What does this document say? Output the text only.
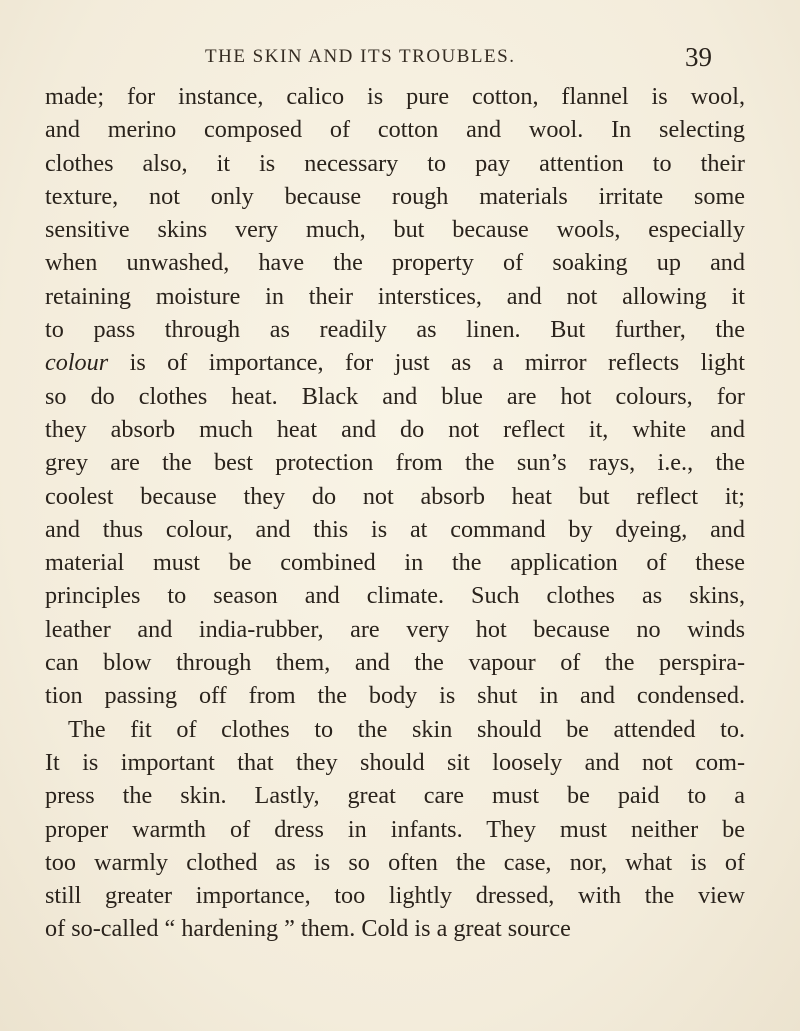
THE SKIN AND ITS TROUBLES.	39
made; for instance, calico is pure cotton, flannel is wool,
and merino composed of cotton and wool. In selecting
clothes also, it is necessary to pay attention to their
texture, not only because rough materials irritate some
sensitive skins very much, but because wools, especially
when unwashed, have the property of soaking up and
retaining moisture in their interstices, and not allowing it
to pass through as readily as linen. But further, the
colour is of importance, for just as a mirror reflects light
so do clothes heat. Black and blue are hot colours, for
they absorb much heat and do not reflect it, white and
grey are the best protection from the sun’s rays, i.e., the
coolest because they do not absorb heat but reflect it;
and thus colour, and this is at command by dyeing, and
material must be combined in the application of these
principles to season and climate. Such clothes as skins,
leather and india-rubber, are very hot because no winds
can blow through them, and the vapour of the perspira-
tion passing off from the body is shut in and condensed.
The fit of clothes to the skin should be attended to.
It is important that they should sit loosely and not com-
press the skin. Lastly, great care must be paid to a
proper warmth of dress in infants. They must neither be
too warmly clothed as is so often the case, nor, what is of
still greater importance, too lightly dressed, with the view
of so-called “ hardening ” them. Cold is a great source
